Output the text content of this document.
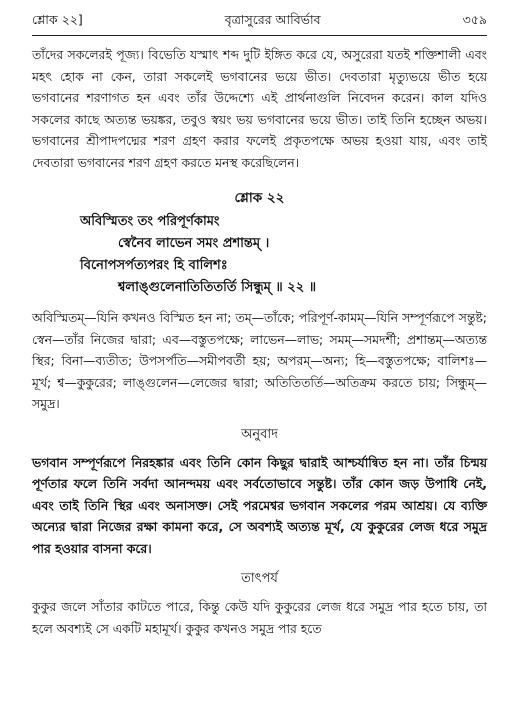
শ্লোক ২২]	বৃত্রাসুরের আবির্ভাব	৩৫৯

তাঁদের সকলেরই পূজ্য। বিভেতি যস্মাৎ শব্দ দুটি ইঙ্গিত করে যে, অসুরেরা যতই শক্তিশালী এবং মহৎ হোক না কেন, তারা সকলেই ভগবানের ভয়ে ভীত। দেবতারা মৃত্যুভয়ে ভীত হয়ে ভগবানের শরণাগত হন এবং তাঁর উদ্দেশ্যে এই প্রার্থনাগুলি নিবেদন করেন। কাল যদিও সকলের কাছে অত্যন্ত ভয়ঙ্কর, তবুও স্বয়ং ভয় ভগবানের ভয়ে ভীত। তাই তিনি হচ্ছেন অভয়। ভগবানের শ্রীপাদপদ্মের শরণ গ্রহণ করার ফলেই প্রকৃতপক্ষে অভয় হওয়া যায়, এবং তাই দেবতারা ভগবানের শরণ গ্রহণ করতে মনস্থ করেছিলেন।

শ্লোক ২২
অবিস্মিতং তং পরিপূর্ণকামং
স্বেনৈব লাভেন সমং প্রশান্তম্ ।
বিনোপসর্পত্যপরং হি বালিশঃ
শ্বলাঙ্গুলেনাতিতিতর্তি সিন্ধুম্ ॥ ২২ ॥

অবিস্মিতম্—যিনি কখনও বিস্মিত হন না; তম্—তাঁকে; পরিপূর্ণ-কামম্—যিনি সম্পূর্ণরূপে সন্তুষ্ট; স্বেন—তাঁর নিজের দ্বারা; এব—বস্তুতপক্ষে; লাভেন—লাভ; সমম্—সমদর্শী; প্রশান্তম্—অত্যন্ত স্থির; বিনা—ব্যতীত; উপসর্পতি—সমীপবর্তী হয়; অপরম্—অন্য; হি—বস্তুতপক্ষে; বালিশঃ—মূর্খ; শ্ব—কুকুরের; লাঙ্গুলেন—লেজের দ্বারা; অতিতিতর্তি—অতিক্রম করতে চায়; সিন্ধুম্—সমুদ্র।

অনুবাদ

ভগবান সম্পূর্ণরূপে নিরহঙ্কার এবং তিনি কোন কিছুর দ্বারাই আশ্চর্যান্বিত হন না। তাঁর চিন্ময় পূর্ণতার ফলে তিনি সর্বদা আনন্দময় এবং সর্বতোভাবে সন্তুষ্ট। তাঁর কোন জড় উপাধি নেই, এবং তাই তিনি স্থির এবং অনাসক্ত। সেই পরমেশ্বর ভগবান সকলের পরম আশ্রয়। যে ব্যক্তি অন্যের দ্বারা নিজের রক্ষা কামনা করে, সে অবশ্যই অত্যন্ত মূর্খ, যে কুকুরের লেজ ধরে সমুদ্র পার হওয়ার বাসনা করে।

তাৎপর্য

কুকুর জলে সাঁতার কাটতে পারে, কিন্তু কেউ যদি কুকুরের লেজ ধরে সমুদ্র পার হতে চায়, তা হলে অবশ্যই সে একটি মহামূর্খ। কুকুর কখনও সমুদ্র পার হতে
